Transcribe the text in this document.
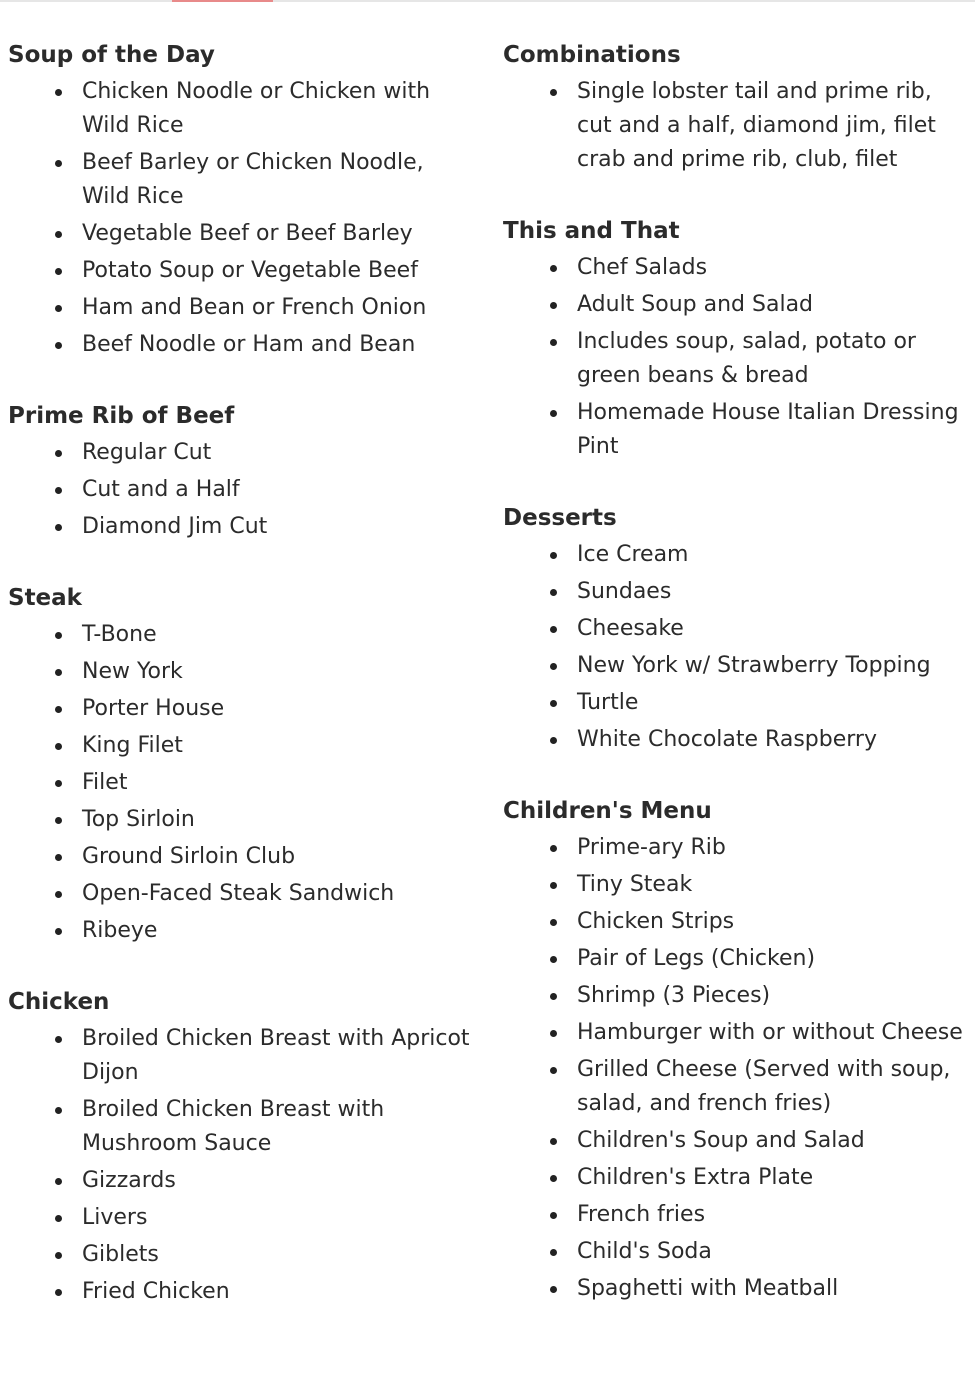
Soup of the Day
Chicken Noodle or Chicken with Wild Rice
Beef Barley or Chicken Noodle, Wild Rice
Vegetable Beef or Beef Barley
Potato Soup or Vegetable Beef
Ham and Bean or French Onion
Beef Noodle or Ham and Bean
Prime Rib of Beef
Regular Cut
Cut and a Half
Diamond Jim Cut
Steak
T-Bone
New York
Porter House
King Filet
Filet
Top Sirloin
Ground Sirloin Club
Open-Faced Steak Sandwich
Ribeye
Chicken
Broiled Chicken Breast with Apricot Dijon
Broiled Chicken Breast with Mushroom Sauce
Gizzards
Livers
Giblets
Fried Chicken
Combinations
Single lobster tail and prime rib, cut and a half, diamond jim, filet crab and prime rib, club, filet
This and That
Chef Salads
Adult Soup and Salad
Includes soup, salad, potato or green beans & bread
Homemade House Italian Dressing Pint
Desserts
Ice Cream
Sundaes
Cheesake
New York w/ Strawberry Topping
Turtle
White Chocolate Raspberry
Children's Menu
Prime-ary Rib
Tiny Steak
Chicken Strips
Pair of Legs (Chicken)
Shrimp (3 Pieces)
Hamburger with or without Cheese
Grilled Cheese (Served with soup, salad, and french fries)
Children's Soup and Salad
Children's Extra Plate
French fries
Child's Soda
Spaghetti with Meatball
